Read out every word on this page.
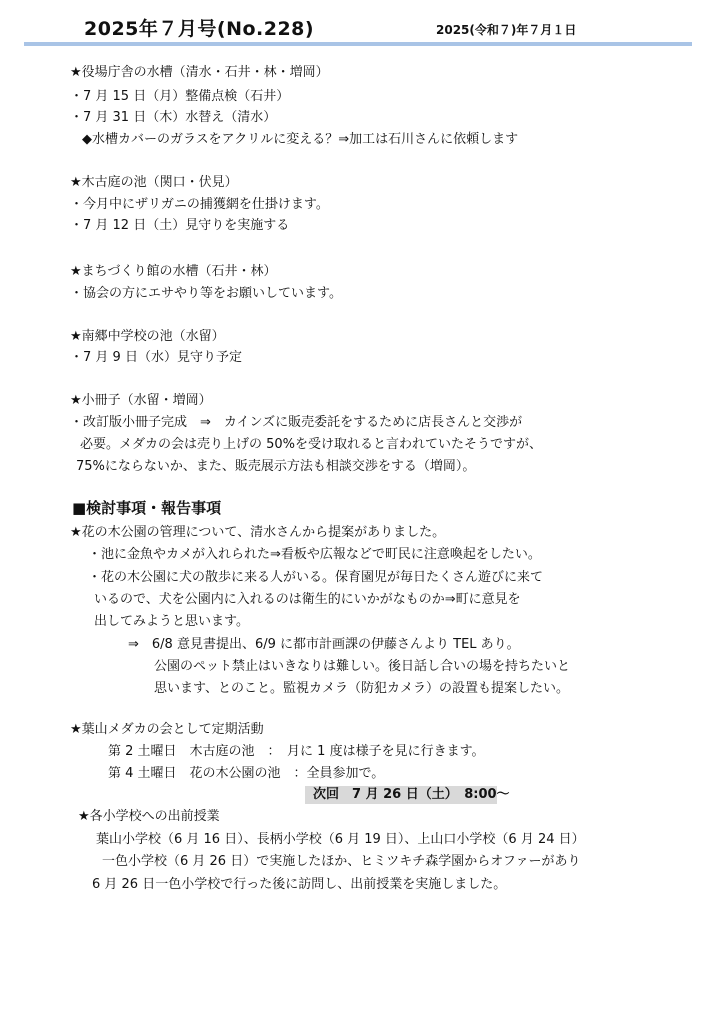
2025年７月号(No.228)	2025(令和７)年７月１日
★役場庁舎の水槽（清水・石井・林・増岡）
・7 月 15 日（月）整備点検（石井）
・7 月 31 日（木）水替え（清水）
◆水槽カバーのガラスをアクリルに変える？⇒加工は石川さんに依頼します
★木古庭の池（関口・伏見）
・今月中にザリガニの捕獲網を仕掛けます。
・7 月 12 日（土）見守りを実施する
★まちづくり館の水槽（石井・林）
・協会の方にエサやり等をお願いしています。
★南郷中学校の池（水留）
・7 月 9 日（水）見守り予定
★小冊子（水留・増岡）
・改訂版小冊子完成　⇒　カインズに販売委託をするために店長さんと交渉が
必要。メダカの会は売り上げの 50%を受け取れると言われていたそうですが、
75%にならないか、また、販売展示方法も相談交渉をする（増岡）。
■検討事項・報告事項
★花の木公園の管理について、清水さんから提案がありました。
・池に金魚やカメが入れられた⇒看板や広報などで町民に注意喚起をしたい。
・花の木公園に犬の散歩に来る人がいる。保育園児が毎日たくさん遊びに来て
いるので、犬を公園内に入れるのは衛生的にいかがなものか⇒町に意見を
出してみようと思います。
⇒　6/8 意見書提出、6/9 に都市計画課の伊藤さんより TEL あり。
公園のペット禁止はいきなりは難しい。後日話し合いの場を持ちたいと
思います、とのこと。監視カメラ（防犯カメラ）の設置も提案したい。
★葉山メダカの会として定期活動
第 2 土曜日　木古庭の池　：　月に 1 度は様子を見に行きます。
第 4 土曜日　花の木公園の池　：全員参加で。
次回　7 月 26 日（土）　8:00～
★各小学校への出前授業
葉山小学校（6 月 16 日）、長柄小学校（6 月 19 日）、上山口小学校（6 月 24 日）
一色小学校（6 月 26 日）で実施したほか、ヒミツキチ森学園からオファーがあり
6 月 26 日一色小学校で行った後に訪問し、出前授業を実施しました。
